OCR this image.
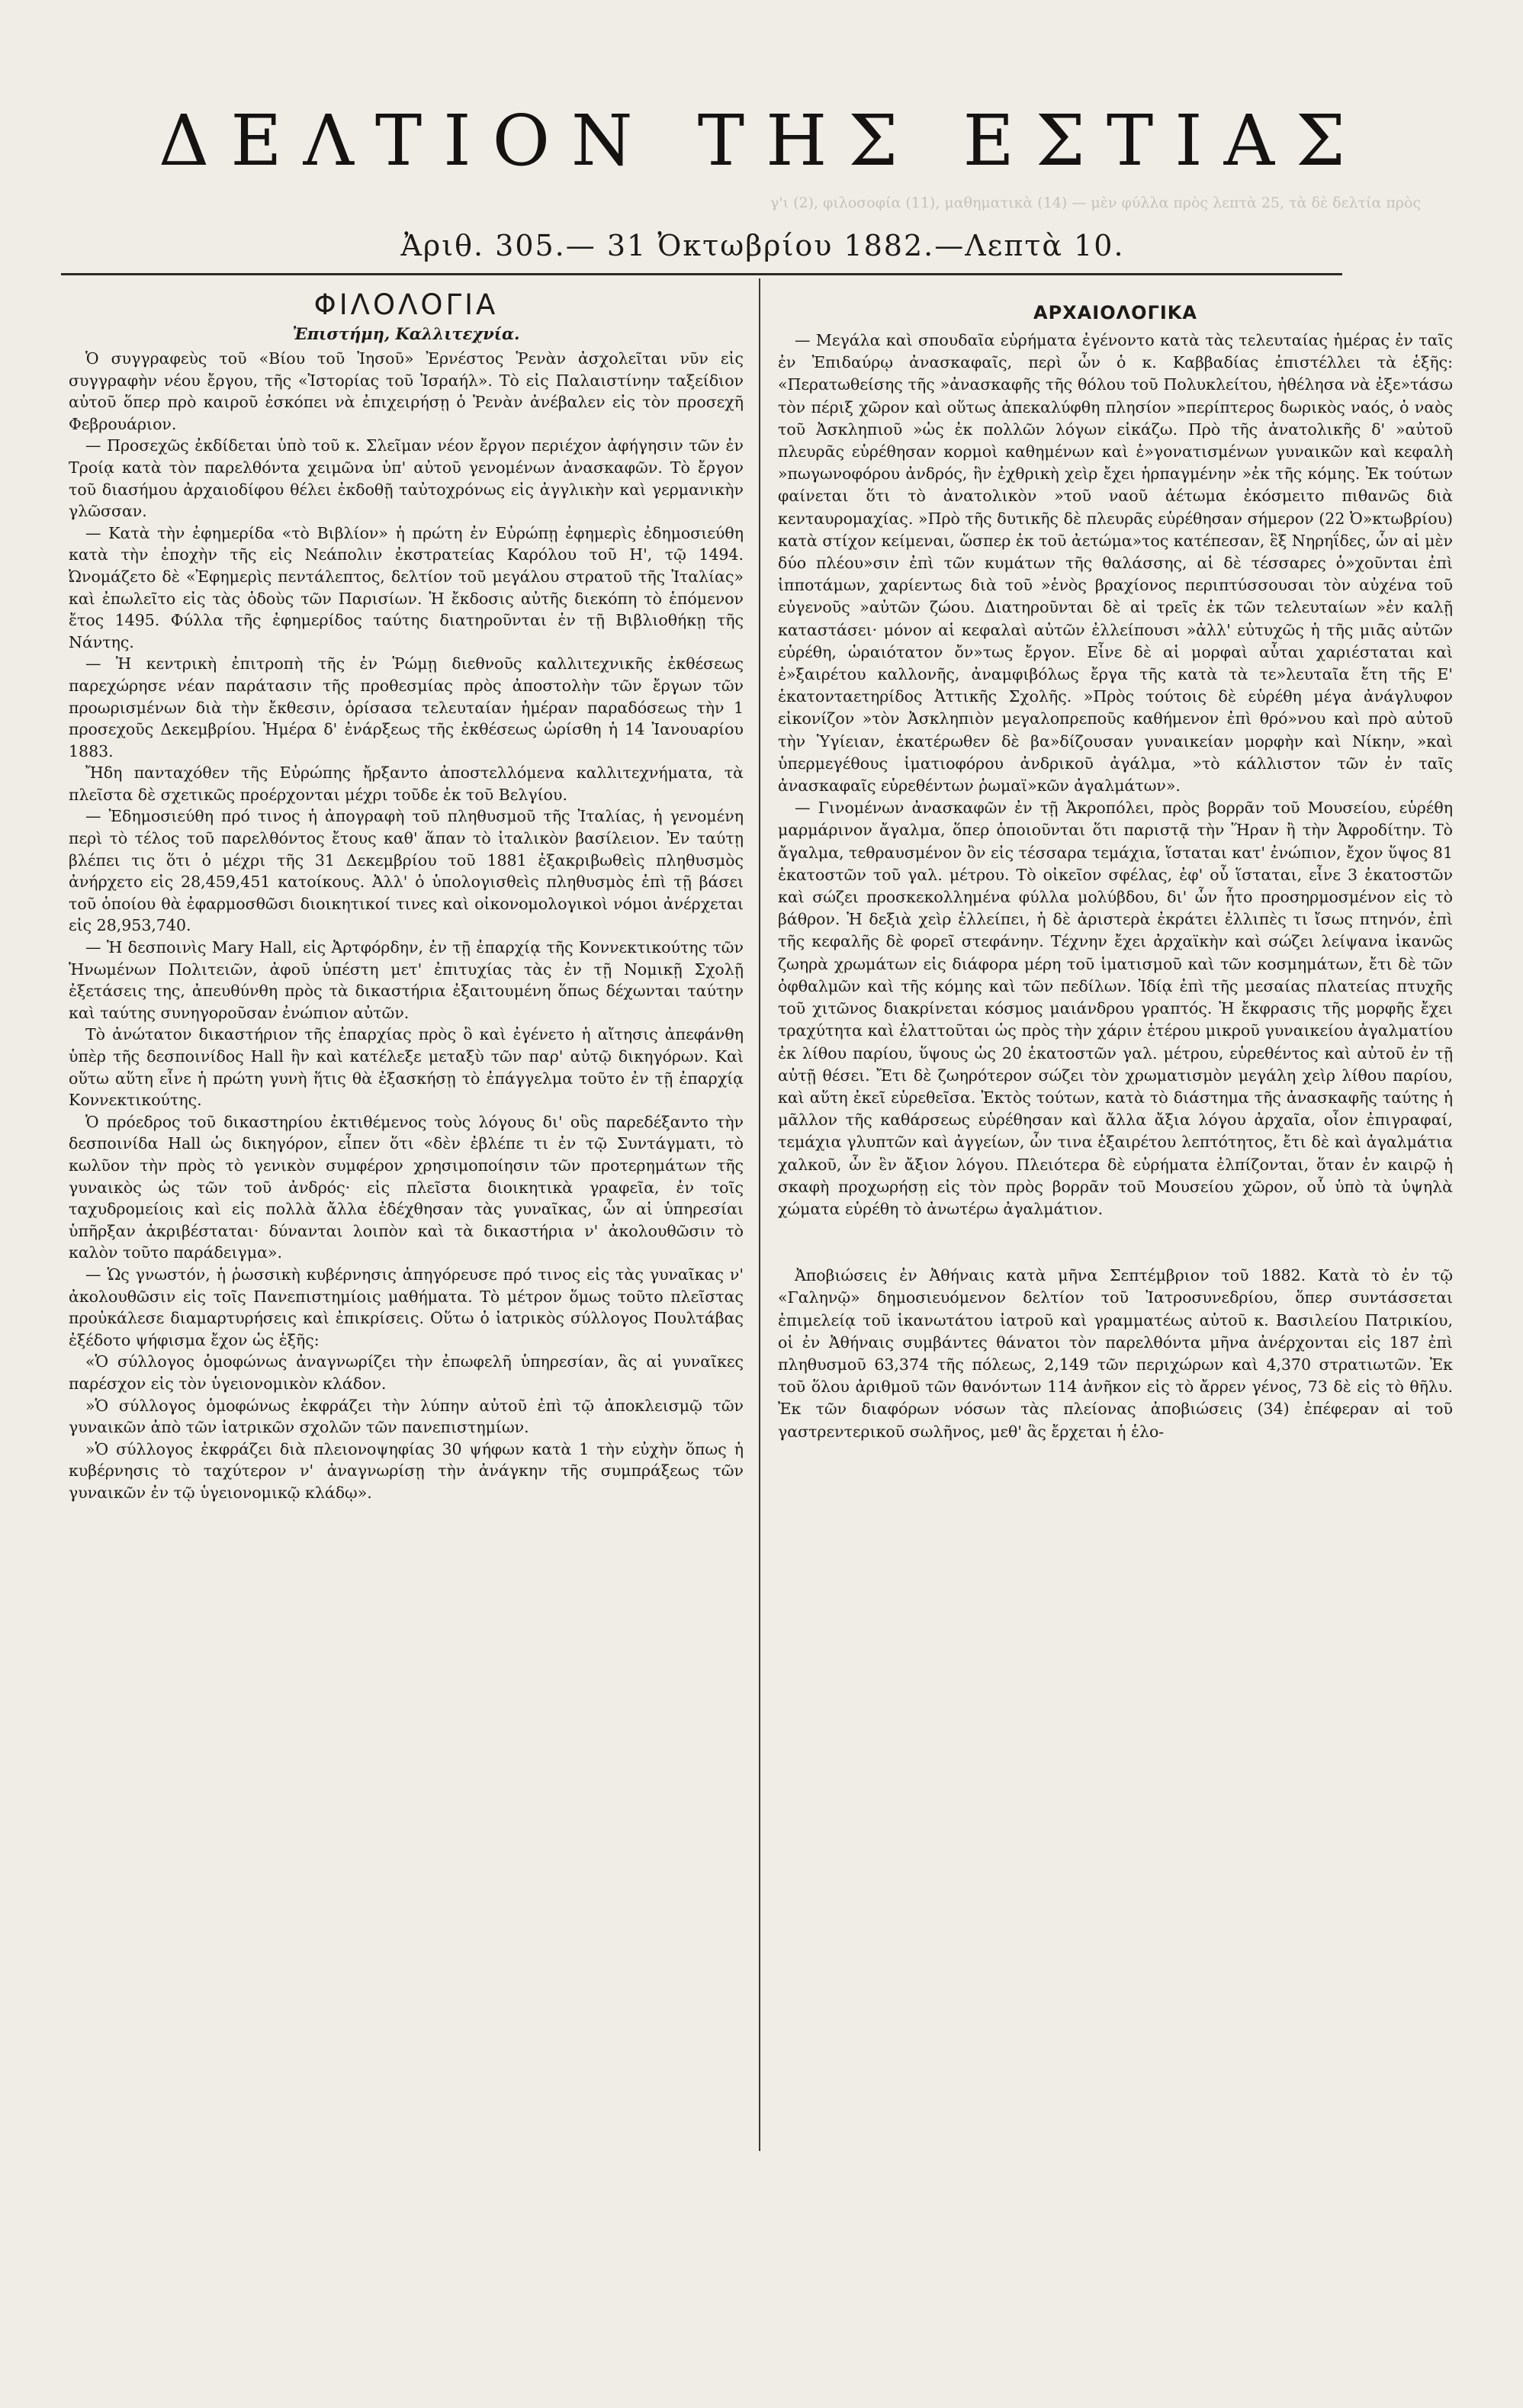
γ'ɩ (2), φιλοσοφία (11), μαθηματικὰ (14) — μὲν φύλλα πρὸς λεπτὰ 25, τὰ δὲ δελτία πρὸς
ΔΕΛΤΙΟΝ ΤΗΣ ΕΣΤΙΑΣ
Ἀριθ. 305.— 31 Ὀκτωβρίου 1882.—Λεπτὰ 10.
ΦΙΛΟΛΟΓΙΑ
Ἐπιστήμη, Καλλιτεχνία.

Ὁ συγγραφεὺς τοῦ «Βίου τοῦ Ἰησοῦ» Ἐρνέστος Ῥενὰν ἀσχολεῖται νῦν εἰς συγγραφὴν νέου ἔργου, τῆς «Ἱστορίας τοῦ Ἰσραήλ». Τὸ εἰς Παλαιστίνην ταξείδιον αὐτοῦ ὅπερ πρὸ καιροῦ ἐσκόπει νὰ ἐπιχειρήσῃ ὁ Ῥενὰν ἀνέβαλεν εἰς τὸν προσεχῆ Φεβρουάριον.

— Προσεχῶς ἐκδίδεται ὑπὸ τοῦ κ. Σλεῖμαν νέον ἔργον περιέχον ἀφήγησιν τῶν ἐν Τροίᾳ κατὰ τὸν παρελθόντα χειμῶνα ὑπ' αὐτοῦ γενομένων ἀνασκαφῶν. Τὸ ἔργον τοῦ διασήμου ἀρχαιοδίφου θέλει ἐκδοθῇ ταὐτοχρόνως εἰς ἀγγλικὴν καὶ γερμανικὴν γλῶσσαν.

— Κατὰ τὴν ἐφημερίδα «τὸ Βιβλίον» ἡ πρώτη ἐν Εὐρώπῃ ἐφημερὶς ἐδημοσιεύθη κατὰ τὴν ἐποχὴν τῆς εἰς Νεάπολιν ἐκστρατείας Καρόλου τοῦ Η', τῷ 1494. Ὠνομάζετο δὲ «Ἐφημερὶς πεντάλεπτος, δελτίον τοῦ μεγάλου στρατοῦ τῆς Ἰταλίας» καὶ ἐπωλεῖτο εἰς τὰς ὁδοὺς τῶν Παρισίων. Ἡ ἔκδοσις αὐτῆς διεκόπη τὸ ἑπόμενον ἔτος 1495. Φύλλα τῆς ἐφημερίδος ταύτης διατηροῦνται ἐν τῇ Βιβλιοθήκῃ τῆς Νάντης.

— Ἡ κεντρικὴ ἐπιτροπὴ τῆς ἐν Ῥώμῃ διεθνοῦς καλλιτεχνικῆς ἐκθέσεως παρεχώρησε νέαν παράτασιν τῆς προθεσμίας πρὸς ἀποστολὴν τῶν ἔργων τῶν προωρισμένων διὰ τὴν ἔκθεσιν, ὁρίσασα τελευταίαν ἡμέραν παραδόσεως τὴν 1 προσεχοῦς Δεκεμβρίου. Ἡμέρα δ' ἐνάρξεως τῆς ἐκθέσεως ὡρίσθη ἡ 14 Ἰανουαρίου 1883.

Ἤδη πανταχόθεν τῆς Εὐρώπης ἤρξαντο ἀποστελλόμενα καλλιτεχνήματα, τὰ πλεῖστα δὲ σχετικῶς προέρχονται μέχρι τοῦδε ἐκ τοῦ Βελγίου.

— Ἐδημοσιεύθη πρό τινος ἡ ἀπογραφὴ τοῦ πληθυσμοῦ τῆς Ἰταλίας, ἡ γενομένη περὶ τὸ τέλος τοῦ παρελθόντος ἔτους καθ' ἅπαν τὸ ἰταλικὸν βασίλειον. Ἐν ταύτῃ βλέπει τις ὅτι ὁ μέχρι τῆς 31 Δεκεμβρίου τοῦ 1881 ἐξακριβωθεὶς πληθυσμὸς ἀνήρχετο εἰς 28,459,451 κατοίκους. Ἀλλ' ὁ ὑπολογισθεὶς πληθυσμὸς ἐπὶ τῇ βάσει τοῦ ὁποίου θὰ ἐφαρμοσθῶσι διοικητικοί τινες καὶ οἰκονομολογικοὶ νόμοι ἀνέρχεται εἰς 28,953,740.

— Ἡ δεσποινὶς Mary Hall, εἰς Ἀρτφόρδην, ἐν τῇ ἐπαρχίᾳ τῆς Κοννεκτικούτης τῶν Ἡνωμένων Πολιτειῶν, ἀφοῦ ὑπέστη μετ' ἐπιτυχίας τὰς ἐν τῇ Νομικῇ Σχολῇ ἐξετάσεις της, ἀπευθύνθη πρὸς τὰ δικαστήρια ἐξαιτουμένη ὅπως δέχωνται ταύτην καὶ ταύτης συνηγοροῦσαν ἐνώπιον αὐτῶν.

Τὸ ἀνώτατον δικαστήριον τῆς ἐπαρχίας πρὸς ὃ καὶ ἐγένετο ἡ αἴτησις ἀπεφάνθη ὑπὲρ τῆς δεσποινίδος Hall ἣν καὶ κατέλεξε μεταξὺ τῶν παρ' αὐτῷ δικηγόρων. Καὶ οὕτω αὕτη εἶνε ἡ πρώτη γυνὴ ἥτις θὰ ἐξασκήσῃ τὸ ἐπάγγελμα τοῦτο ἐν τῇ ἐπαρχίᾳ Κοννεκτικούτης.

Ὁ πρόεδρος τοῦ δικαστηρίου ἐκτιθέμενος τοὺς λόγους δι' οὓς παρεδέξαντο τὴν δεσποινίδα Hall ὡς δικηγόρον, εἶπεν ὅτι «δὲν ἐβλέπε τι ἐν τῷ Συντάγματι, τὸ κωλῦον τὴν πρὸς τὸ γενικὸν συμφέρον χρησιμοποίησιν τῶν προτερημάτων τῆς γυναικὸς ὡς τῶν τοῦ ἀνδρός· εἰς πλεῖστα διοικητικὰ γραφεῖα, ἐν τοῖς ταχυδρομείοις καὶ εἰς πολλὰ ἄλλα ἐδέχθησαν τὰς γυναῖκας, ὧν αἱ ὑπηρεσίαι ὑπῆρξαν ἀκριβέσταται· δύνανται λοιπὸν καὶ τὰ δικαστήρια ν' ἀκολουθῶσιν τὸ καλὸν τοῦτο παράδειγμα».

— Ὡς γνωστόν, ἡ ῥωσσικὴ κυβέρνησις ἀπηγόρευσε πρό τινος εἰς τὰς γυναῖκας ν' ἀκολουθῶσιν εἰς τοῖς Πανεπιστημίοις μαθήματα. Τὸ μέτρον ὅμως τοῦτο πλεῖστας προὐκάλεσε διαμαρτυρήσεις καὶ ἐπικρίσεις. Οὕτω ὁ ἰατρικὸς σύλλογος Πουλτάβας ἐξέδοτο ψήφισμα ἔχον ὡς ἑξῆς:

«Ὁ σύλλογος ὁμοφώνως ἀναγνωρίζει τὴν ἐπωφελῆ ὑπηρεσίαν, ἃς αἱ γυναῖκες παρέσχον εἰς τὸν ὑγειονομικὸν κλάδον.

»Ὁ σύλλογος ὁμοφώνως ἐκφράζει τὴν λύπην αὐτοῦ ἐπὶ τῷ ἀποκλεισμῷ τῶν γυναικῶν ἀπὸ τῶν ἰατρικῶν σχολῶν τῶν πανεπιστημίων.

»Ὁ σύλλογος ἐκφράζει διὰ πλειονοψηφίας 30 ψήφων κατὰ 1 τὴν εὐχὴν ὅπως ἡ κυβέρνησις τὸ ταχύτερον ν' ἀναγνωρίσῃ τὴν ἀνάγκην τῆς συμπράξεως τῶν γυναικῶν ἐν τῷ ὑγειονομικῷ κλάδῳ».

ΑΡΧΑΙΟΛΟΓΙΚΑ

— Μεγάλα καὶ σπουδαῖα εὑρήματα ἐγένοντο κατὰ τὰς τελευταίας ἡμέρας ἐν ταῖς ἐν Ἐπιδαύρῳ ἀνασκαφαῖς, περὶ ὧν ὁ κ. Καββαδίας ἐπιστέλλει τὰ ἑξῆς: «Περατωθείσης τῆς »ἀνασκαφῆς τῆς θόλου τοῦ Πολυκλείτου, ἠθέλησα νὰ ἐξε»τάσω τὸν πέριξ χῶρον καὶ οὕτως ἀπεκαλύφθη πλησίον »περίπτερος δωρικὸς ναός, ὁ ναὸς τοῦ Ἀσκληπιοῦ »ὡς ἐκ πολλῶν λόγων εἰκάζω. Πρὸ τῆς ἀνατολικῆς δ' »αὐτοῦ πλευρᾶς εὑρέθησαν κορμοὶ καθημένων καὶ ἐ»γονατισμένων γυναικῶν καὶ κεφαλὴ »πωγωνοφόρου ἀνδρός, ἣν ἐχθρικὴ χεὶρ ἔχει ἡρπαγμένην »ἐκ τῆς κόμης. Ἐκ τούτων φαίνεται ὅτι τὸ ἀνατολικὸν »τοῦ ναοῦ ἀέτωμα ἐκόσμειτο πιθανῶς διὰ κενταυρομαχίας. »Πρὸ τῆς δυτικῆς δὲ πλευρᾶς εὑρέθησαν σήμερον (22 Ὀ»κτωβρίου) κατὰ στίχον κείμεναι, ὥσπερ ἐκ τοῦ ἀετώμα»τος κατέπεσαν, ἓξ Νηρηΐδες, ὧν αἱ μὲν δύο πλέου»σιν ἐπὶ τῶν κυμάτων τῆς θαλάσσης, αἱ δὲ τέσσαρες ὁ»χοῦνται ἐπὶ ἱπποτάμων, χαρίεντως διὰ τοῦ »ἑνὸς βραχίονος περιπτύσσουσαι τὸν αὐχένα τοῦ εὐγενοῦς »αὐτῶν ζώου. Διατηροῦνται δὲ αἱ τρεῖς ἐκ τῶν τελευταίων »ἐν καλῇ καταστάσει· μόνον αἱ κεφαλαὶ αὐτῶν ἐλλείπουσι »ἀλλ' εὐτυχῶς ἡ τῆς μιᾶς αὐτῶν εὑρέθη, ὡραιότατον ὄν»τως ἔργον. Εἶνε δὲ αἱ μορφαὶ αὗται χαριέσταται καὶ ἐ»ξαιρέτου καλλονῆς, ἀναμφιβόλως ἔργα τῆς κατὰ τὰ τε»λευταῖα ἔτη τῆς Ε' ἑκατονταετηρίδος Ἀττικῆς Σχολῆς. »Πρὸς τούτοις δὲ εὑρέθη μέγα ἀνάγλυφον εἰκονίζον »τὸν Ἀσκληπιὸν μεγαλοπρεποῦς καθήμενον ἐπὶ θρό»νου καὶ πρὸ αὐτοῦ τὴν Ὑγίειαν, ἑκατέρωθεν δὲ βα»δίζουσαν γυναικείαν μορφὴν καὶ Νίκην, »καὶ ὑπερμεγέθους ἱματιοφόρου ἀνδρικοῦ ἀγάλμα, »τὸ κάλλιστον τῶν ἐν ταῖς ἀνασκαφαῖς εὑρεθέντων ῥωμαϊ»κῶν ἀγαλμάτων».

— Γινομένων ἀνασκαφῶν ἐν τῇ Ἀκροπόλει, πρὸς βορρᾶν τοῦ Μουσείου, εὑρέθη μαρμάρινον ἄγαλμα, ὅπερ ὁποιοῦνται ὅτι παριστᾷ τὴν Ἥραν ἢ τὴν Ἀφροδίτην. Τὸ ἄγαλμα, τεθραυσμένον ὂν εἰς τέσσαρα τεμάχια, ἵσταται κατ' ἐνώπιον, ἔχον ὕψος 81 ἑκατοστῶν τοῦ γαλ. μέτρου. Τὸ οἰκεῖον σφέλας, ἐφ' οὗ ἵσταται, εἶνε 3 ἑκατοστῶν καὶ σώζει προσκεκολλημένα φύλλα μολύβδου, δι' ὧν ἦτο προσηρμοσμένον εἰς τὸ βάθρον. Ἡ δεξιὰ χεὶρ ἐλλείπει, ἡ δὲ ἀριστερὰ ἐκράτει ἐλλιπὲς τι ἴσως πτηνόν, ἐπὶ τῆς κεφαλῆς δὲ φορεῖ στεφάνην. Τέχνην ἔχει ἀρχαϊκὴν καὶ σώζει λείψανα ἱκανῶς ζωηρὰ χρωμάτων εἰς διάφορα μέρη τοῦ ἱματισμοῦ καὶ τῶν κοσμημάτων, ἔτι δὲ τῶν ὀφθαλμῶν καὶ τῆς κόμης καὶ τῶν πεδίλων. Ἰδίᾳ ἐπὶ τῆς μεσαίας πλατείας πτυχῆς τοῦ χιτῶνος διακρίνεται κόσμος μαιάνδρου γραπτός. Ἡ ἔκφρασις τῆς μορφῆς ἔχει τραχύτητα καὶ ἐλαττοῦται ὡς πρὸς τὴν χάριν ἑτέρου μικροῦ γυναικείου ἀγαλματίου ἐκ λίθου παρίου, ὕψους ὡς 20 ἑκατοστῶν γαλ. μέτρου, εὑρεθέντος καὶ αὐτοῦ ἐν τῇ αὐτῇ θέσει. Ἔτι δὲ ζωηρότερον σώζει τὸν χρωματισμὸν μεγάλη χεὶρ λίθου παρίου, καὶ αὕτη ἐκεῖ εὑρεθεῖσα. Ἐκτὸς τούτων, κατὰ τὸ διάστημα τῆς ἀνασκαφῆς ταύτης ἡ μᾶλλον τῆς καθάρσεως εὑρέθησαν καὶ ἄλλα ἄξια λόγου ἀρχαῖα, οἷον ἐπιγραφαί, τεμάχια γλυπτῶν καὶ ἀγγείων, ὧν τινα ἐξαιρέτου λεπτότητος, ἔτι δὲ καὶ ἀγαλμάτια χαλκοῦ, ὧν ἓν ἄξιον λόγου. Πλειότερα δὲ εὑρήματα ἐλπίζονται, ὅταν ἐν καιρῷ ἡ σκαφὴ προχωρήσῃ εἰς τὸν πρὸς βορρᾶν τοῦ Μουσείου χῶρον, οὗ ὑπὸ τὰ ὑψηλὰ χώματα εὑρέθη τὸ ἀνωτέρω ἀγαλμάτιον.

Ἀποβιώσεις ἐν Ἀθήναις κατὰ μῆνα Σεπτέμβριον τοῦ 1882. Κατὰ τὸ ἐν τῷ «Γαληνῷ» δημοσιευόμενον δελτίον τοῦ Ἰατροσυνεδρίου, ὅπερ συντάσσεται ἐπιμελείᾳ τοῦ ἱκανωτάτου ἰατροῦ καὶ γραμματέως αὐτοῦ κ. Βασιλείου Πατρικίου, οἱ ἐν Ἀθήναις συμβάντες θάνατοι τὸν παρελθόντα μῆνα ἀνέρχονται εἰς 187 ἐπὶ πληθυσμοῦ 63,374 τῆς πόλεως, 2,149 τῶν περιχώρων καὶ 4,370 στρατιωτῶν. Ἐκ τοῦ ὅλου ἀριθμοῦ τῶν θανόντων 114 ἀνῆκον εἰς τὸ ἄρρεν γένος, 73 δὲ εἰς τὸ θῆλυ. Ἐκ τῶν διαφόρων νόσων τὰς πλείονας ἀποβιώσεις (34) ἐπέφεραν αἱ τοῦ γαστρεντερικοῦ σωλῆνος, μεθ' ἃς ἔρχεται ἡ ἑλο-
